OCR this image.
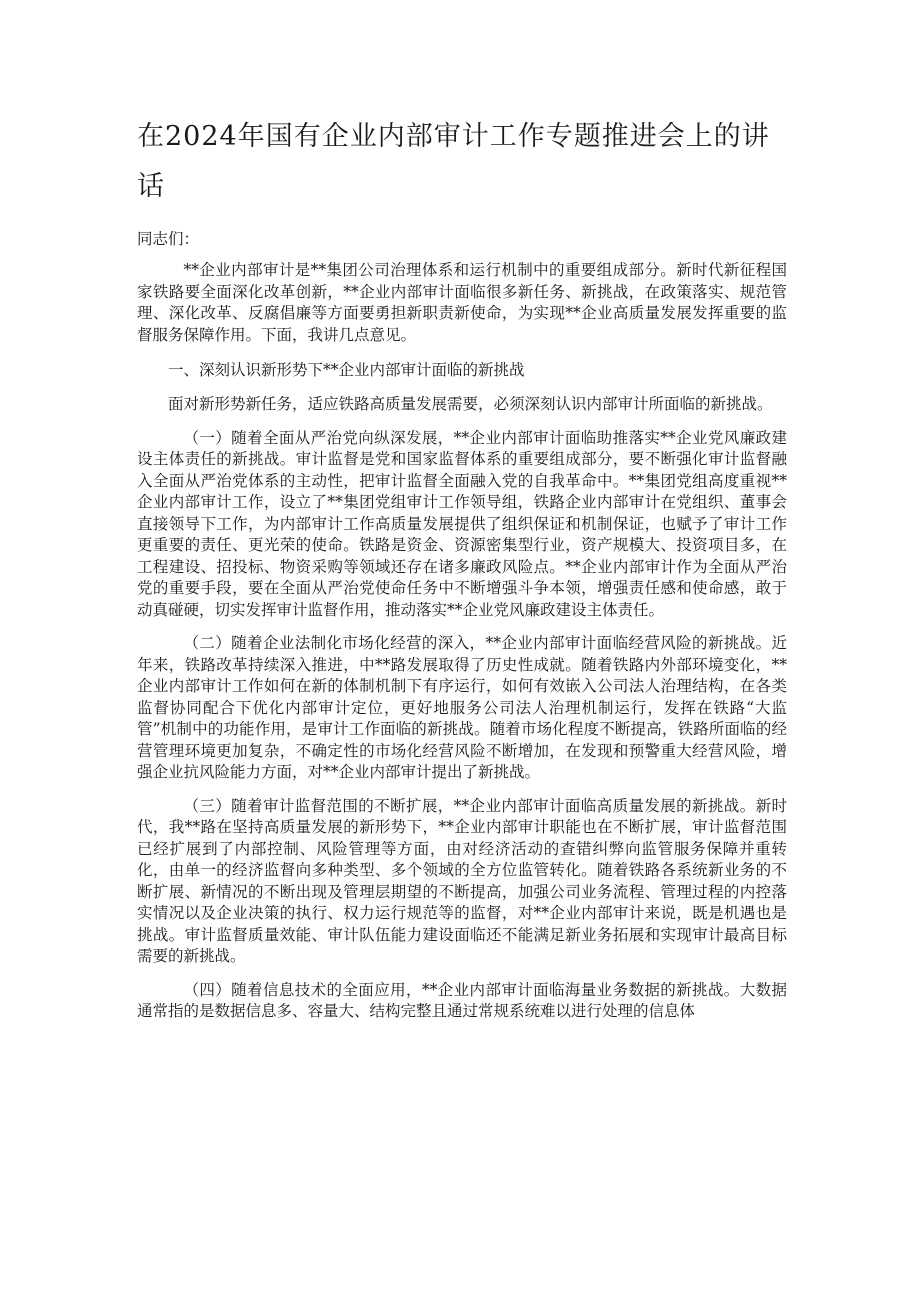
在2024年国有企业内部审计工作专题推进会上的讲话

同志们：

**企业内部审计是**集团公司治理体系和运行机制中的重要组成部分。新时代新征程国家铁路要全面深化改革创新，**企业内部审计面临很多新任务、新挑战，在政策落实、规范管理、深化改革、反腐倡廉等方面要勇担新职责新使命，为实现**企业高质量发展发挥重要的监督服务保障作用。下面，我讲几点意见。

一、深刻认识新形势下**企业内部审计面临的新挑战

面对新形势新任务，适应铁路高质量发展需要，必须深刻认识内部审计所面临的新挑战。

（一）随着全面从严治党向纵深发展，**企业内部审计面临助推落实**企业党风廉政建设主体责任的新挑战。审计监督是党和国家监督体系的重要组成部分，要不断强化审计监督融入全面从严治党体系的主动性，把审计监督全面融入党的自我革命中。**集团党组高度重视**企业内部审计工作，设立了**集团党组审计工作领导组，铁路企业内部审计在党组织、董事会直接领导下工作，为内部审计工作高质量发展提供了组织保证和机制保证，也赋予了审计工作更重要的责任、更光荣的使命。铁路是资金、资源密集型行业，资产规模大、投资项目多，在工程建设、招投标、物资采购等领域还存在诸多廉政风险点。**企业内部审计作为全面从严治党的重要手段，要在全面从严治党使命任务中不断增强斗争本领，增强责任感和使命感，敢于动真碰硬，切实发挥审计监督作用，推动落实**企业党风廉政建设主体责任。

（二）随着企业法制化市场化经营的深入，**企业内部审计面临经营风险的新挑战。近年来，铁路改革持续深入推进，中**路发展取得了历史性成就。随着铁路内外部环境变化，**企业内部审计工作如何在新的体制机制下有序运行，如何有效嵌入公司法人治理结构，在各类监督协同配合下优化内部审计定位，更好地服务公司法人治理机制运行，发挥在铁路“大监管”机制中的功能作用，是审计工作面临的新挑战。随着市场化程度不断提高，铁路所面临的经营管理环境更加复杂，不确定性的市场化经营风险不断增加，在发现和预警重大经营风险，增强企业抗风险能力方面，对**企业内部审计提出了新挑战。

（三）随着审计监督范围的不断扩展，**企业内部审计面临高质量发展的新挑战。新时代，我**路在坚持高质量发展的新形势下，**企业内部审计职能也在不断扩展，审计监督范围已经扩展到了内部控制、风险管理等方面，由对经济活动的查错纠弊向监管服务保障并重转化，由单一的经济监督向多种类型、多个领域的全方位监管转化。随着铁路各系统新业务的不断扩展、新情况的不断出现及管理层期望的不断提高，加强公司业务流程、管理过程的内控落实情况以及企业决策的执行、权力运行规范等的监督，对**企业内部审计来说，既是机遇也是挑战。审计监督质量效能、审计队伍能力建设面临还不能满足新业务拓展和实现审计最高目标需要的新挑战。

（四）随着信息技术的全面应用，**企业内部审计面临海量业务数据的新挑战。大数据通常指的是数据信息多、容量大、结构完整且通过常规系统难以进行处理的信息体
